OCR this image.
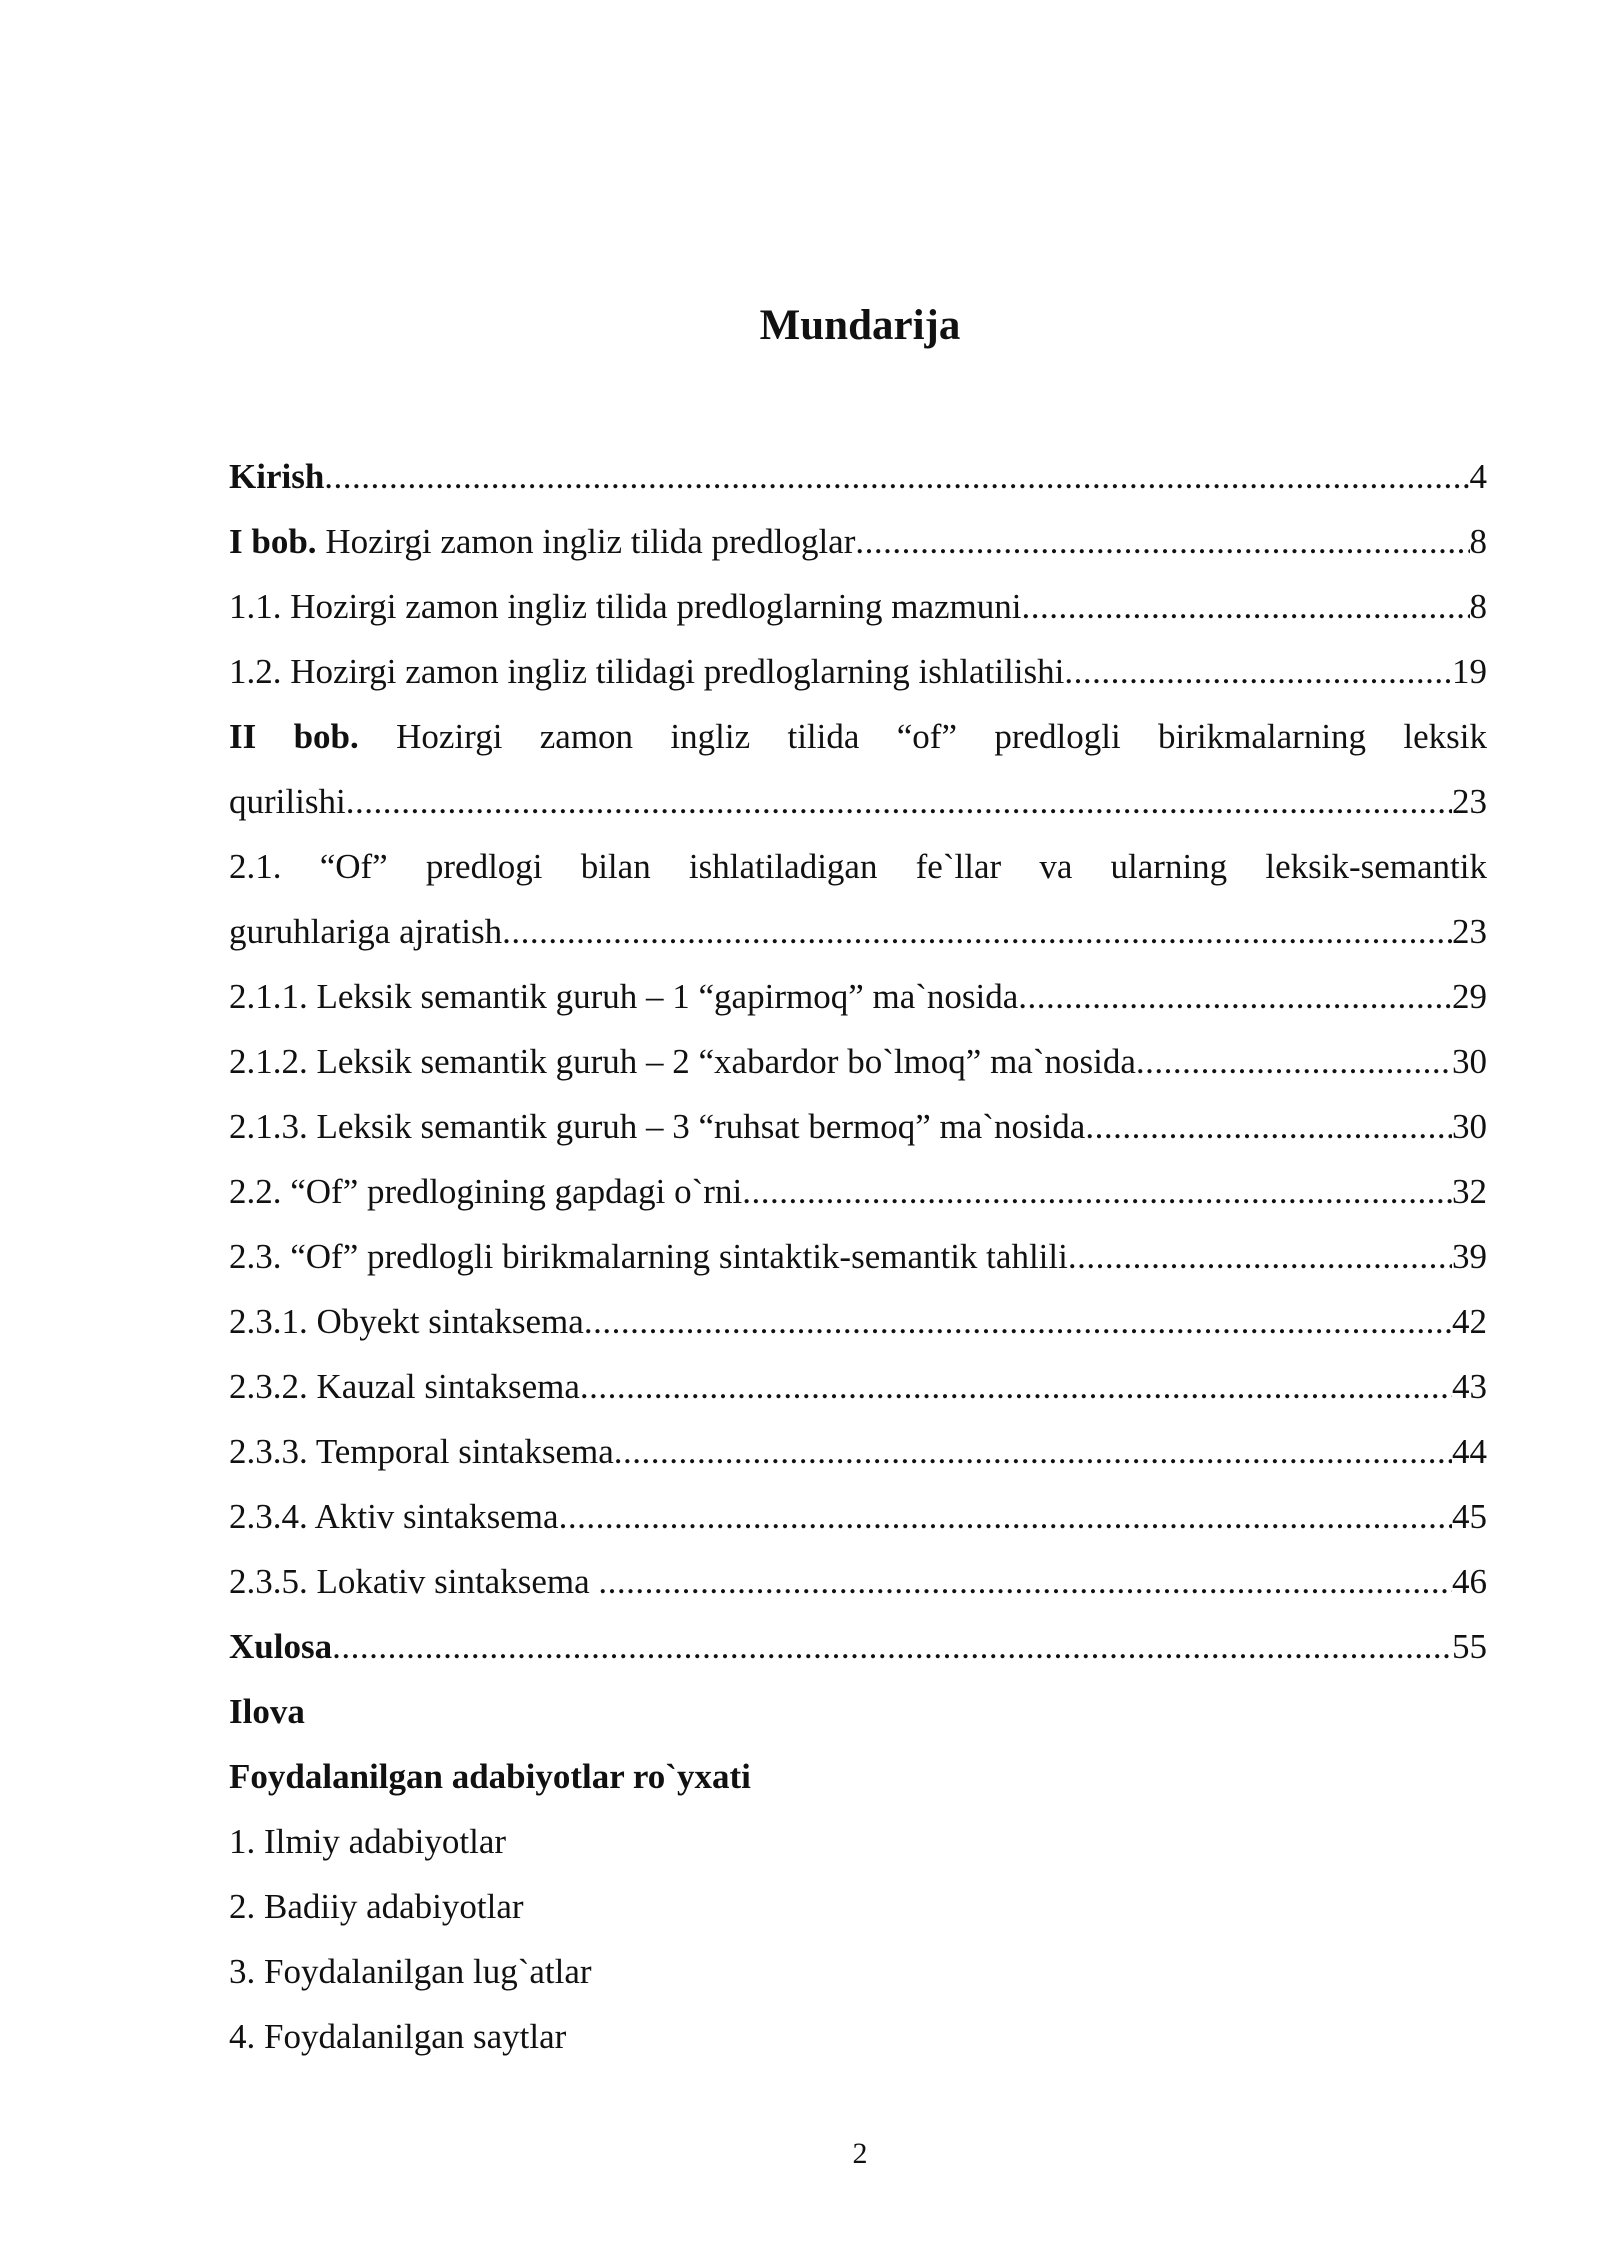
Mundarija
Kirish .....	4
I bob. Hozirgi zamon ingliz tilida predloglar .....	8
1.1. Hozirgi zamon ingliz tilida predloglarning mazmuni .....	8
1.2. Hozirgi zamon ingliz tilidagi predloglarning ishlatilishi .....	19
II bob. Hozirgi zamon ingliz tilida “of” predlogli birikmalarning leksik
qurilishi .....	23
2.1. “Of” predlogi bilan ishlatiladigan fe`llar va ularning leksik-semantik
guruhlariga ajratish .....	23
2.1.1. Leksik semantik guruh – 1 “gapirmoq” ma`nosida .....	29
2.1.2. Leksik semantik guruh – 2 “xabardor bo`lmoq” ma`nosida .....	30
2.1.3. Leksik semantik guruh – 3 “ruhsat bermoq” ma`nosida .....	30
2.2. “Of” predlogining gapdagi o`rni .....	32
2.3. “Of” predlogli birikmalarning sintaktik-semantik tahlili .....	39
2.3.1. Obyekt sintaksema .....	42
2.3.2. Kauzal sintaksema .....	43
2.3.3. Temporal sintaksema .....	44
2.3.4. Aktiv sintaksema .....	45
2.3.5. Lokativ sintaksema .....	46
Xulosa .....	55
Ilova
Foydalanilgan adabiyotlar ro`yxati
1. Ilmiy adabiyotlar
2. Badiiy adabiyotlar
3. Foydalanilgan lug`atlar
4. Foydalanilgan saytlar
2
